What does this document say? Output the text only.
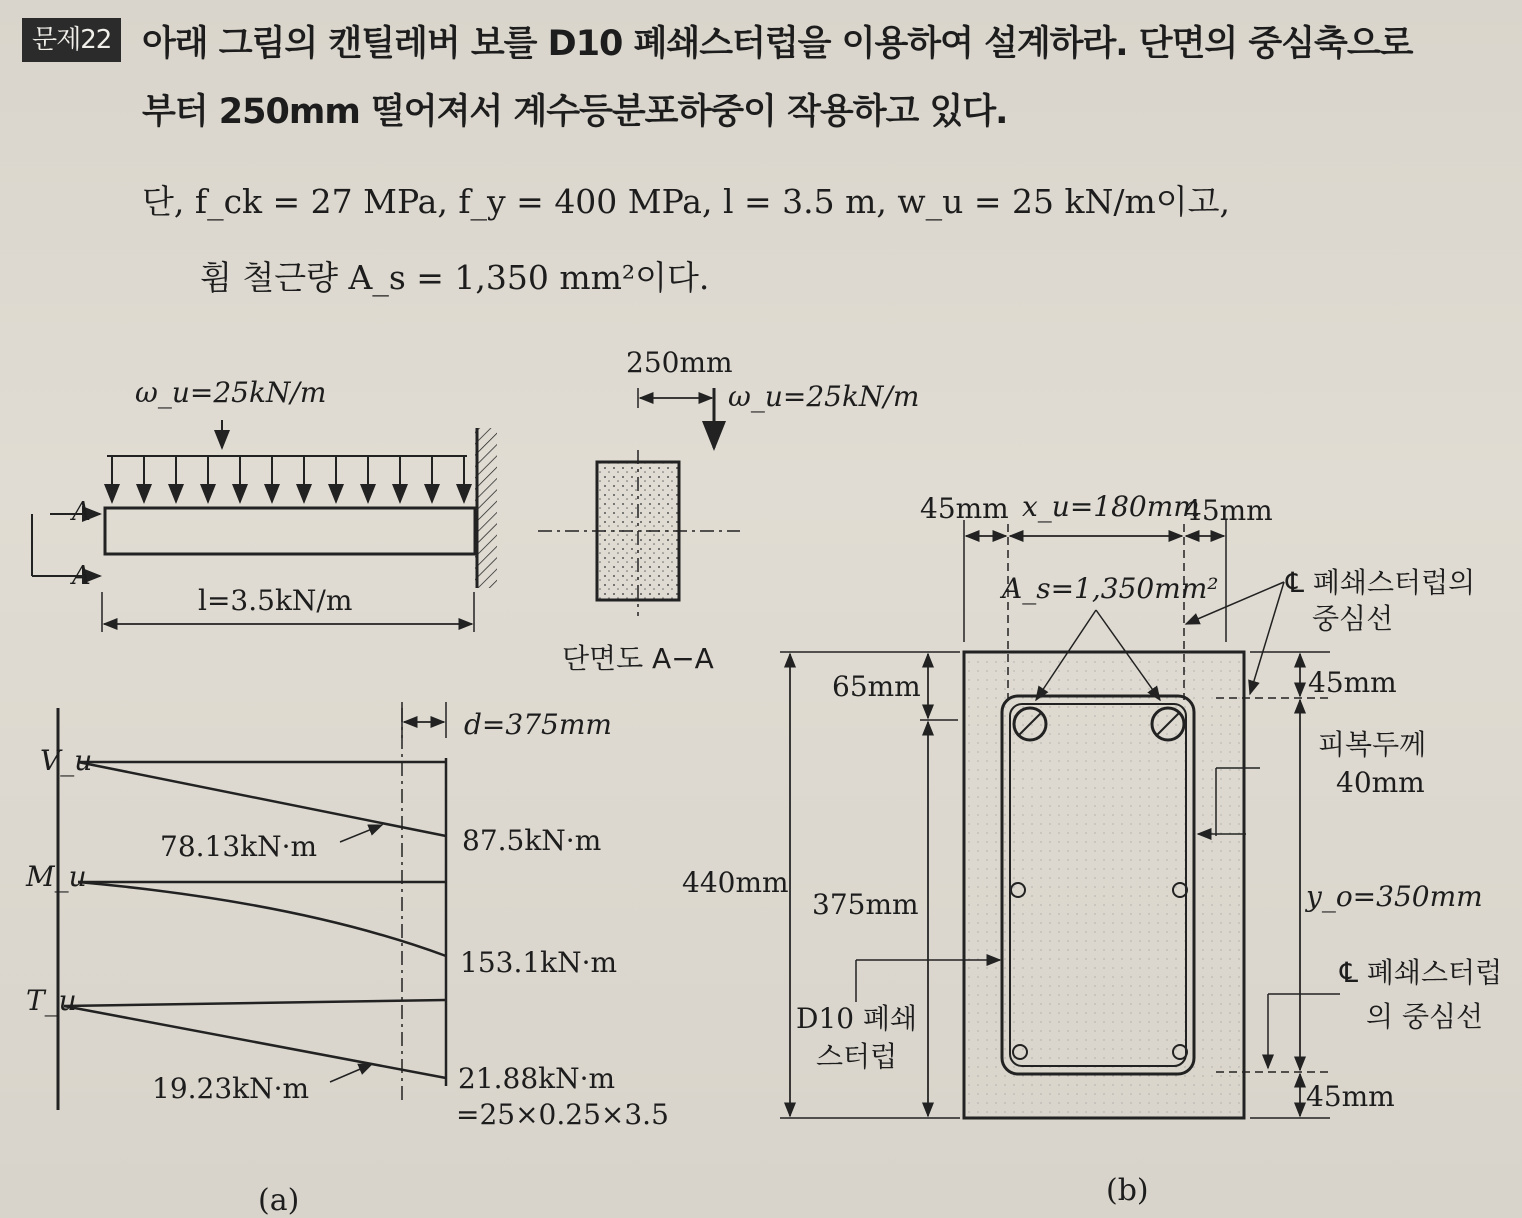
문제22 아래 그림의 캔틸레버 보를 D10 폐쇄스터럽을 이용하여 설계하라. 단면의 중심축으로
부터 250mm 떨어져서 계수등분포하중이 작용하고 있다.
단, f_ck = 27 MPa, f_y = 400 MPa, l = 3.5 m, w_u = 25 kN/m이고,
휨 철근량 A_s = 1,350 mm²이다.
ω_u=25kN/m
A
A
l=3.5kN/m
250mm
ω_u=25kN/m
단면도 A−A
d=375mm
V_u
M_u
T_u
78.13kN·m	87.5kN·m
153.1kN·m
19.23kN·m	21.88kN·m
=25×0.25×3.5
(a)
45mm x_u=180mm
45mm
A_s=1,350mm² ℄ 폐쇄스터럽의
중심선
45mm
45mm
y_o=350mm
피복두께
40mm
℄ 폐쇄스터럽
의 중심선
65mm
440mm
375mm
D10 폐쇄
스터럽
(b)
